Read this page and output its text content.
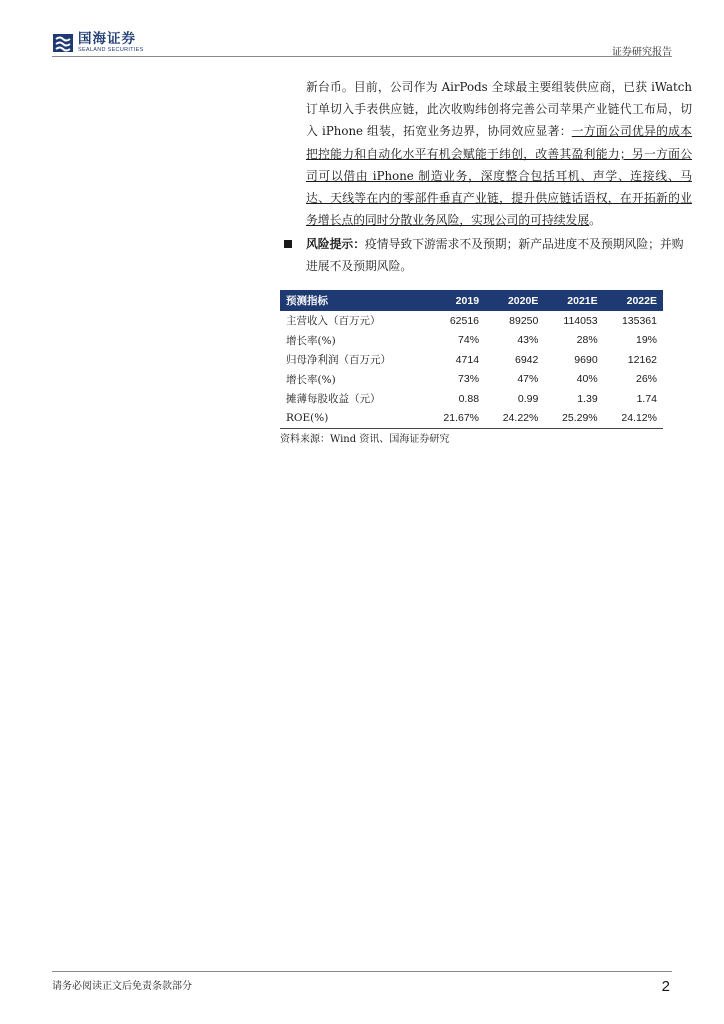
国海证券
SEALAND SECURITIES	证券研究报告
新台币。目前，公司作为 AirPods 全球最主要组装供应商，已获 iWatch 订单切入手表供应链，此次收购纬创将完善公司苹果产业链代工布局，切入 iPhone 组装，拓宽业务边界，协同效应显著：一方面公司优异的成本把控能力和自动化水平有机会赋能于纬创，改善其盈利能力；另一方面公司可以借由 iPhone 制造业务，深度整合包括耳机、声学、连接线、马达、天线等在内的零部件垂直产业链，提升供应链话语权，在开拓新的业务增长点的同时分散业务风险，实现公司的可持续发展。
风险提示：疫情导致下游需求不及预期；新产品进度不及预期风险；并购进展不及预期风险。
预测指标	2019	2020E	2021E	2022E
主营收入（百万元）	62516	89250	114053	135361
增长率(%)	74%	43%	28%	19%
归母净利润（百万元）	4714	6942	9690	12162
增长率(%)	73%	47%	40%	26%
摊薄每股收益（元）	0.88	0.99	1.39	1.74
ROE(%)	21.67%	24.22%	25.29%	24.12%
资料来源：Wind 资讯、国海证券研究
请务必阅读正文后免责条款部分	2
